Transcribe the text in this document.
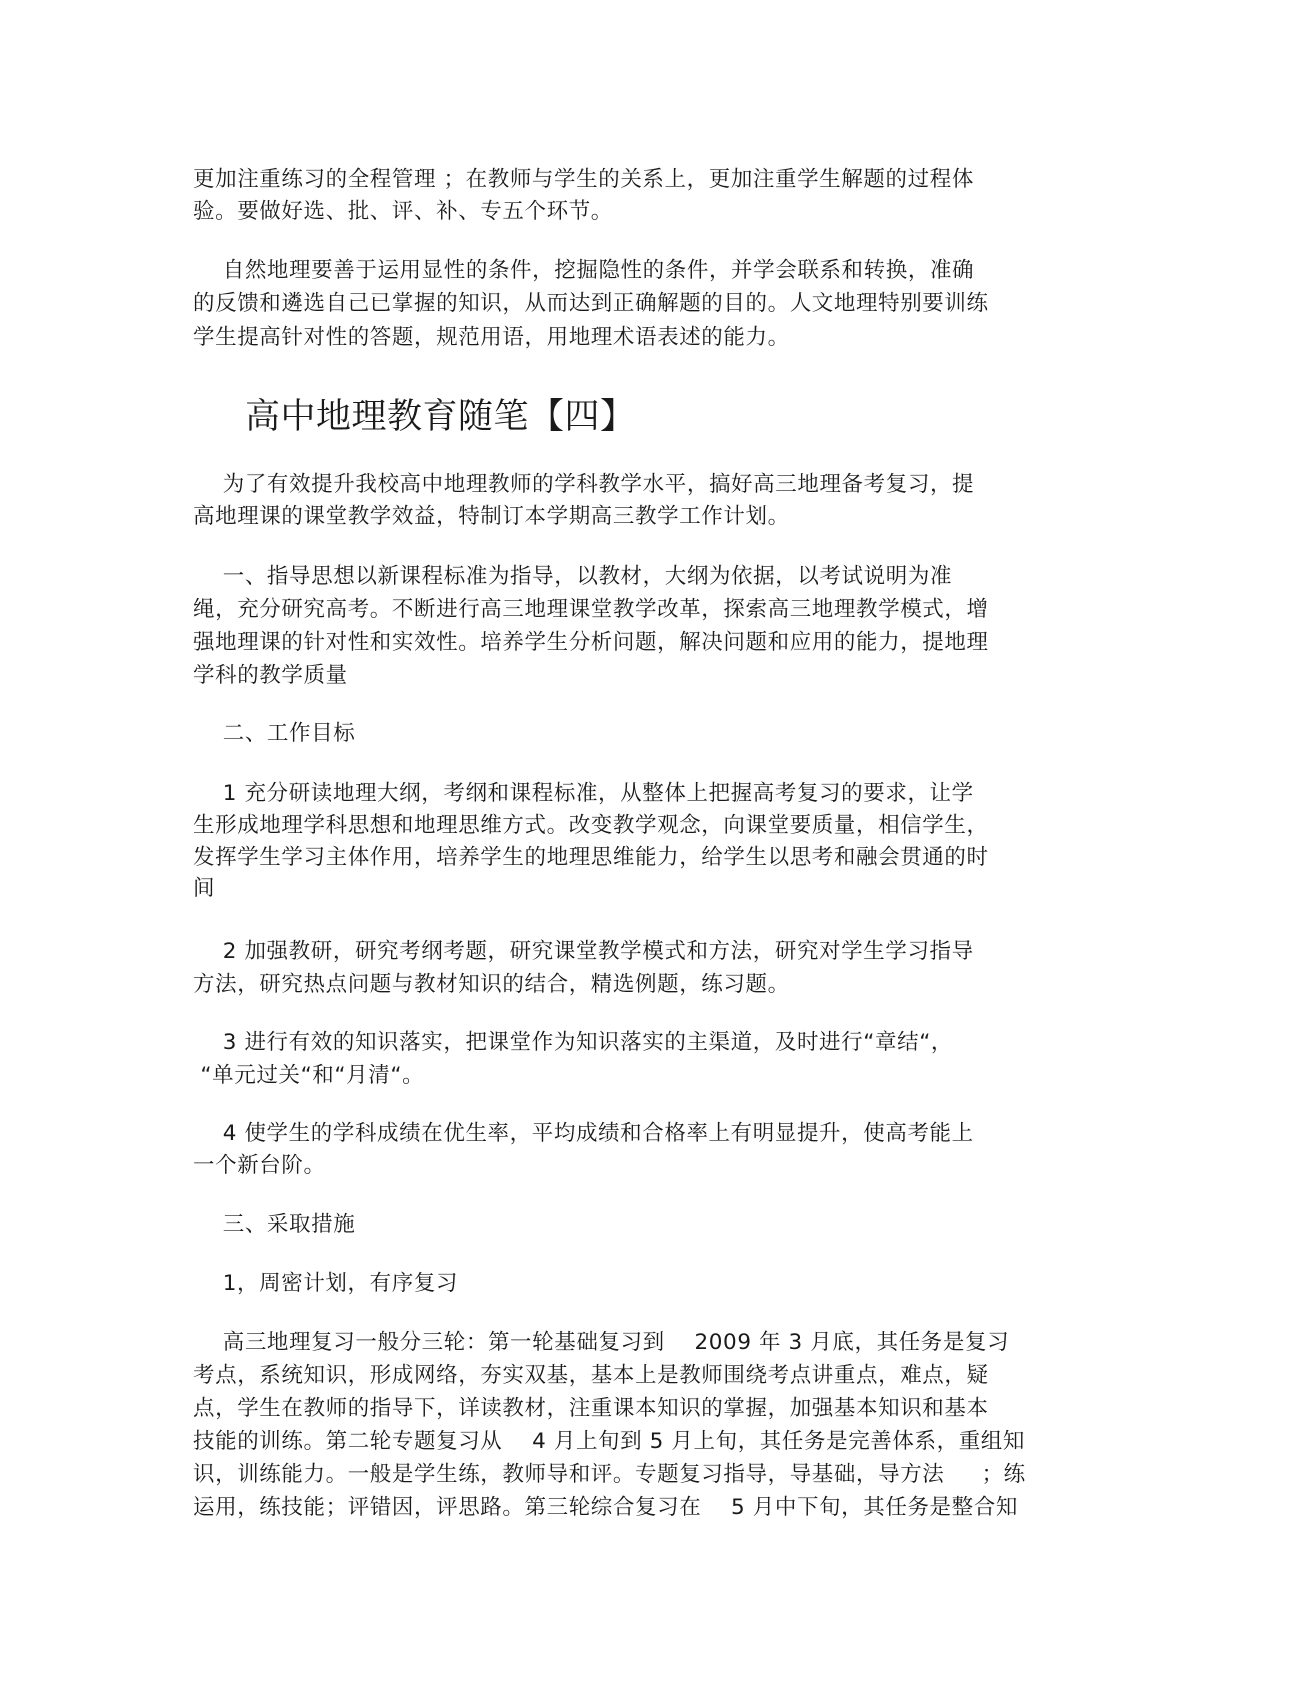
更加注重练习的全程管理 ；在教师与学生的关系上，更加注重学生解题的过程体
验。要做好选、批、评、补、专五个环节。
自然地理要善于运用显性的条件，挖掘隐性的条件，并学会联系和转换，准确
的反馈和遴选自己已掌握的知识，从而达到正确解题的目的。人文地理特别要训练
学生提高针对性的答题，规范用语，用地理术语表述的能力。
高中地理教育随笔【四】
为了有效提升我校高中地理教师的学科教学水平，搞好高三地理备考复习，提
高地理课的课堂教学效益，特制订本学期高三教学工作计划。
一、指导思想以新课程标准为指导，以教材，大纲为依据，以考试说明为准
绳，充分研究高考。不断进行高三地理课堂教学改革，探索高三地理教学模式，增
强地理课的针对性和实效性。培养学生分析问题，解决问题和应用的能力，提地理
学科的教学质量
二、工作目标
1 充分研读地理大纲，考纲和课程标准，从整体上把握高考复习的要求，让学
生形成地理学科思想和地理思维方式。改变教学观念，向课堂要质量，相信学生，
发挥学生学习主体作用，培养学生的地理思维能力，给学生以思考和融会贯通的时
间
2 加强教研，研究考纲考题，研究课堂教学模式和方法，研究对学生学习指导
方法，研究热点问题与教材知识的结合，精选例题，练习题。
3 进行有效的知识落实，把课堂作为知识落实的主渠道，及时进行“章结“，
“单元过关“和“月清“。
4 使学生的学科成绩在优生率，平均成绩和合格率上有明显提升，使高考能上
一个新台阶。
三、采取措施
1，周密计划，有序复习
高三地理复习一般分三轮：第一轮基础复习到    2009 年 3 月底，其任务是复习
考点，系统知识，形成网络，夯实双基，基本上是教师围绕考点讲重点，难点，疑
点，学生在教师的指导下，详读教材，注重课本知识的掌握，加强基本知识和基本
技能的训练。第二轮专题复习从    4 月上旬到 5 月上旬，其任务是完善体系，重组知
识，训练能力。一般是学生练，教师导和评。专题复习指导，导基础，导方法     ；练
运用，练技能；评错因，评思路。第三轮综合复习在    5 月中下旬，其任务是整合知
